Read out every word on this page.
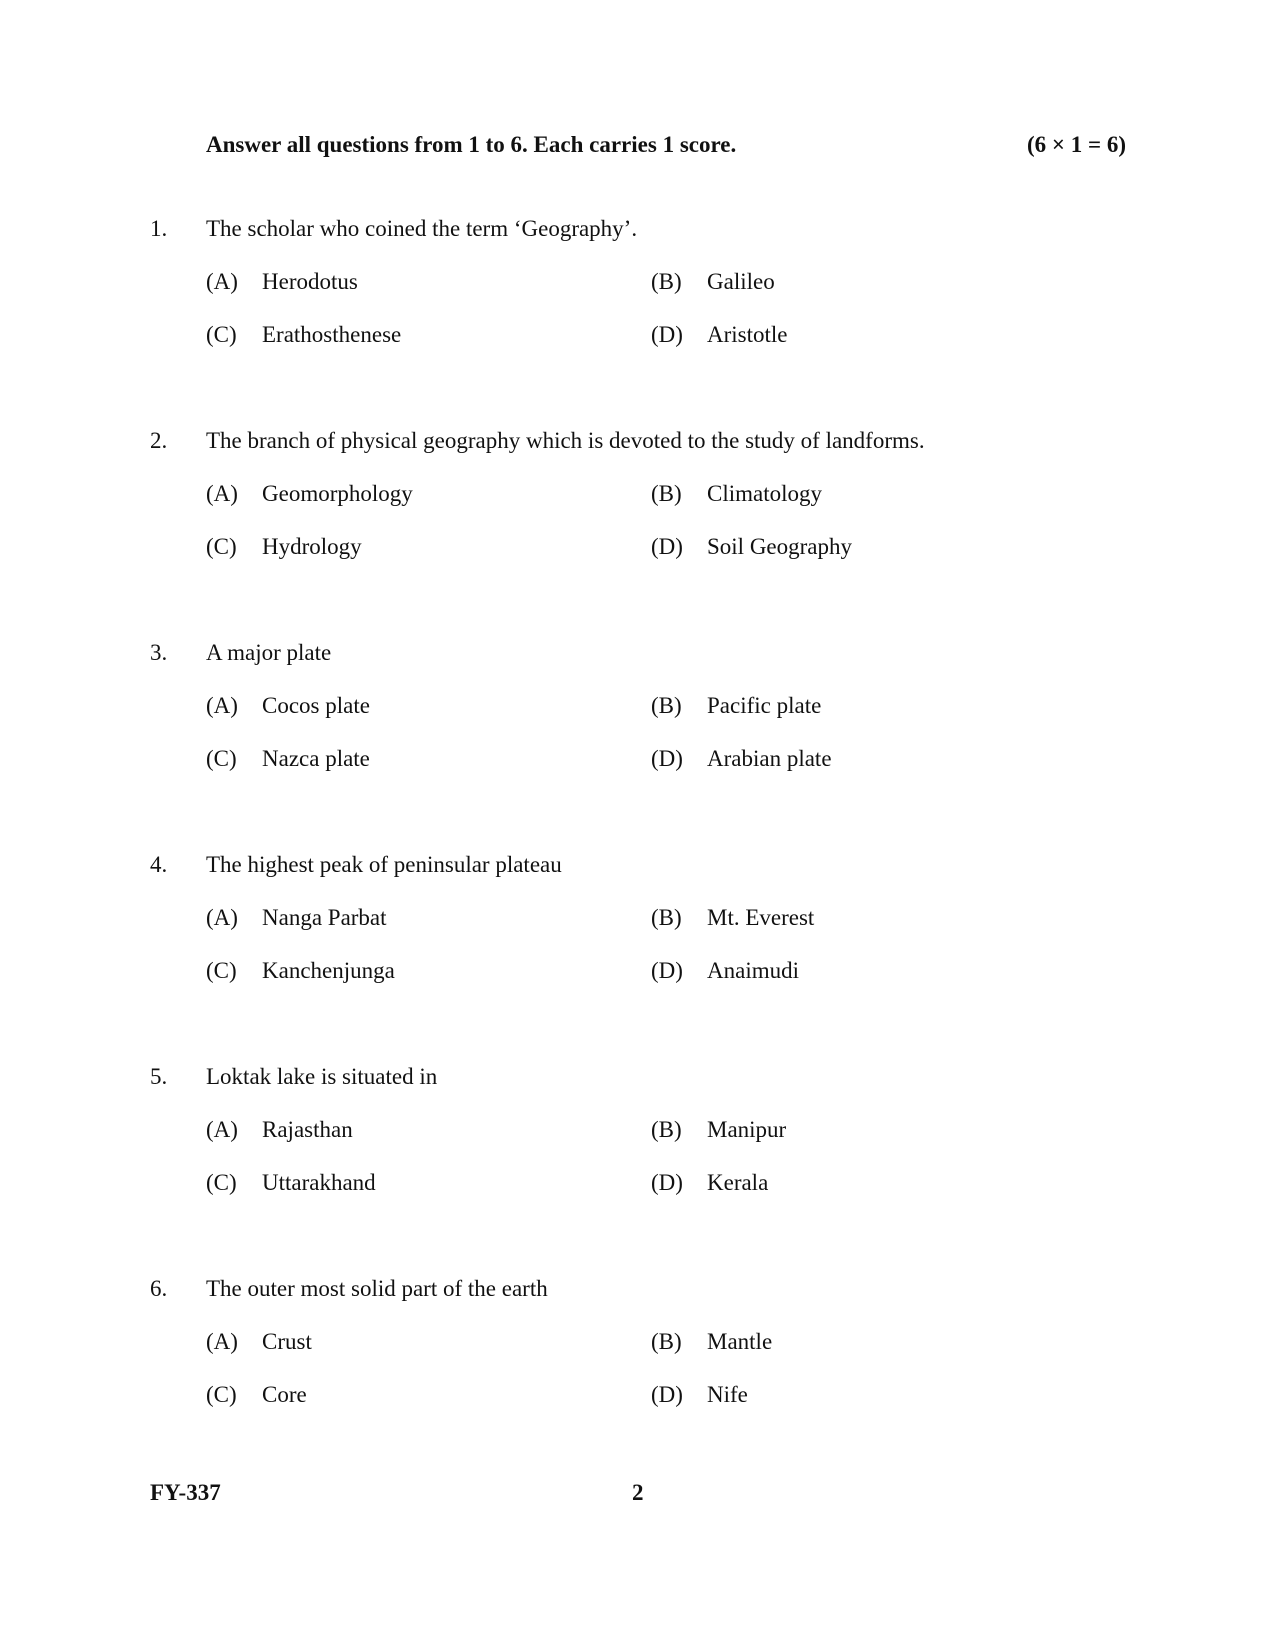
Answer all questions from 1 to 6. Each carries 1 score.	(6 × 1 = 6)
1. The scholar who coined the term ‘Geography’.
(A) Herodotus	(B) Galileo
(C) Erathosthenese	(D) Aristotle
2. The branch of physical geography which is devoted to the study of landforms.
(A) Geomorphology	(B) Climatology
(C) Hydrology	(D) Soil Geography
3. A major plate
(A) Cocos plate	(B) Pacific plate
(C) Nazca plate	(D) Arabian plate
4. The highest peak of peninsular plateau
(A) Nanga Parbat	(B) Mt. Everest
(C) Kanchenjunga	(D) Anaimudi
5. Loktak lake is situated in
(A) Rajasthan	(B) Manipur
(C) Uttarakhand	(D) Kerala
6. The outer most solid part of the earth
(A) Crust	(B) Mantle
(C) Core	(D) Nife
FY-337	2
